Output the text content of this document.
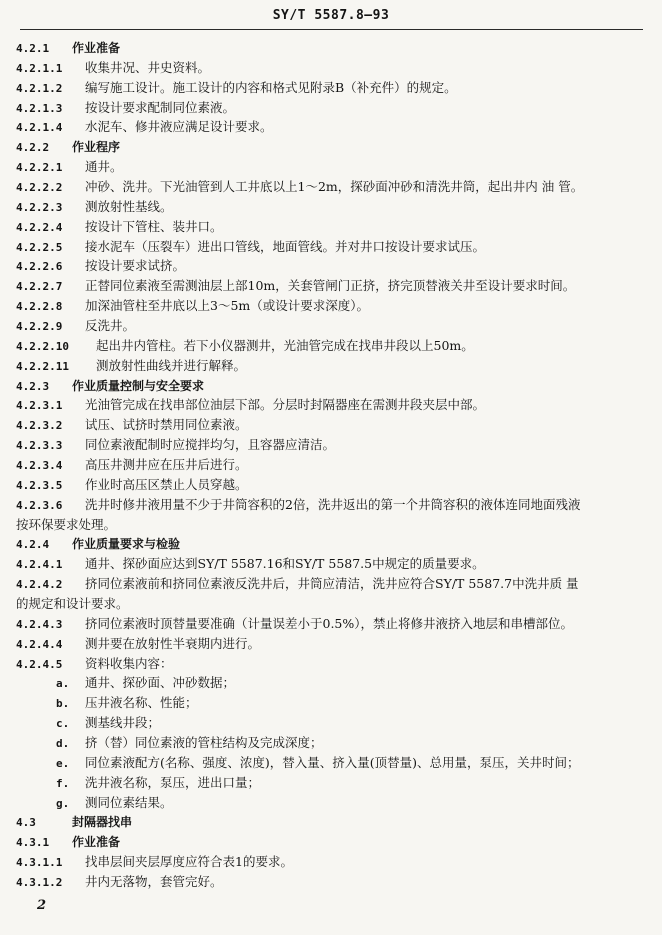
SY/T 5587.8—93
4.2.1 作业准备
4.2.1.1 收集井况、井史资料。
4.2.1.2 编写施工设计。施工设计的内容和格式见附录B（补充件）的规定。
4.2.1.3 按设计要求配制同位素液。
4.2.1.4 水泥车、修井液应满足设计要求。
4.2.2 作业程序
4.2.2.1 通井。
4.2.2.2 冲砂、洗井。下光油管到人工井底以上1～2m，探砂面冲砂和清洗井筒，起出井内 油 管。
4.2.2.3 测放射性基线。
4.2.2.4 按设计下管柱、装井口。
4.2.2.5 接水泥车（压裂车）进出口管线，地面管线。并对井口按设计要求试压。
4.2.2.6 按设计要求试挤。
4.2.2.7 正替同位素液至需测油层上部10m，关套管闸门正挤，挤完顶替液关井至设计要求时间。
4.2.2.8 加深油管柱至井底以上3～5m（或设计要求深度）。
4.2.2.9 反洗井。
4.2.2.10 起出井内管柱。若下小仪器测井，光油管完成在找串井段以上50m。
4.2.2.11 测放射性曲线并进行解释。
4.2.3 作业质量控制与安全要求
4.2.3.1 光油管完成在找串部位油层下部。分层时封隔器座在需测井段夹层中部。
4.2.3.2 试压、试挤时禁用同位素液。
4.2.3.3 同位素液配制时应搅拌均匀，且容器应清洁。
4.2.3.4 高压井测井应在压井后进行。
4.2.3.5 作业时高压区禁止人员穿越。
4.2.3.6 洗井时修井液用量不少于井筒容积的2倍，洗井返出的第一个井筒容积的液体连同地面残液
按环保要求处理。
4.2.4 作业质量要求与检验
4.2.4.1 通井、探砂面应达到SY/T 5587.16和SY/T 5587.5中规定的质量要求。
4.2.4.2 挤同位素液前和挤同位素液反洗井后，井筒应清洁，洗井应符合SY/T 5587.7中洗井质 量
的规定和设计要求。
4.2.4.3 挤同位素液时顶替量要准确（计量误差小于0.5%），禁止将修井液挤入地层和串槽部位。
4.2.4.4 测井要在放射性半衰期内进行。
4.2.4.5 资料收集内容：
a. 通井、探砂面、冲砂数据；
b. 压井液名称、性能；
c. 测基线井段；
d. 挤（替）同位素液的管柱结构及完成深度；
e. 同位素液配方(名称、强度、浓度)，替入量、挤入量(顶替量)、总用量，泵压，关井时间；
f. 洗井液名称，泵压，进出口量；
g. 测同位素结果。
4.3	封隔器找串
4.3.1 作业准备
4.3.1.1 找串层间夹层厚度应符合表1的要求。
4.3.1.2 井内无落物，套管完好。
2
